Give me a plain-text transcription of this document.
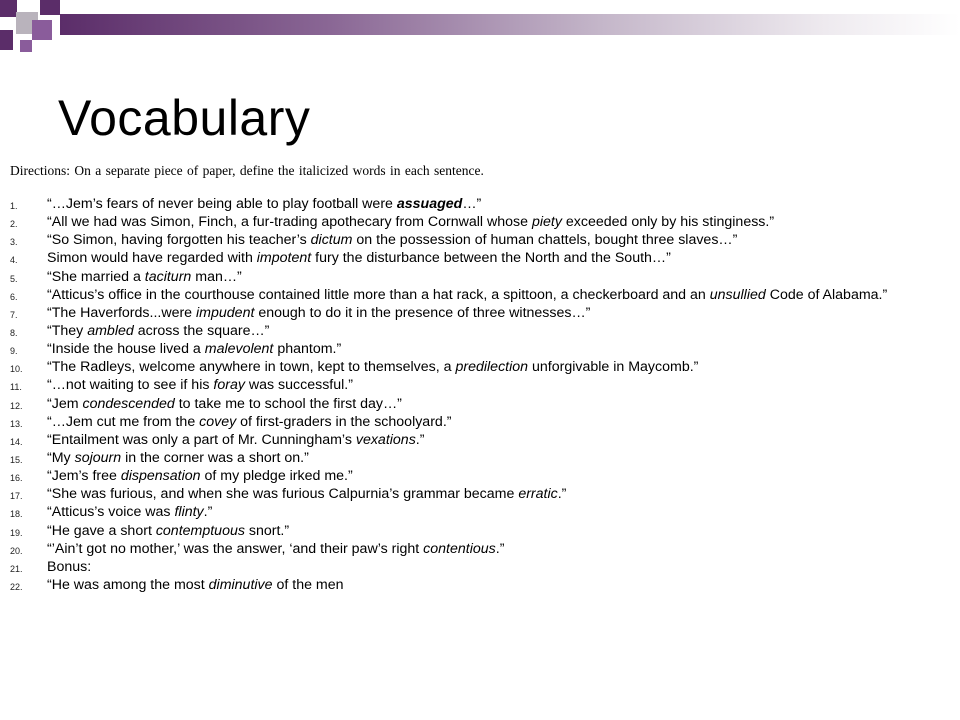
Vocabulary

Directions: On a separate piece of paper, define the italicized words in each sentence.

1. “…Jem’s fears of never being able to play football were assuaged…”
2. “All we had was Simon, Finch, a fur-trading apothecary from Cornwall whose piety exceeded only by his stinginess.”
3. “So Simon, having forgotten his teacher’s dictum on the possession of human chattels, bought three slaves…”
4. Simon would have regarded with impotent fury the disturbance between the North and the South…”
5. “She married a taciturn man…”
6. “Atticus’s office in the courthouse contained little more than a hat rack, a spittoon, a checkerboard and an unsullied Code of Alabama.”
7. “The Haverfords...were impudent enough to do it in the presence of three witnesses…”
8. “They ambled across the square…”
9. “Inside the house lived a malevolent phantom.”
10. “The Radleys, welcome anywhere in town, kept to themselves, a predilection unforgivable in Maycomb.”
11. “…not waiting to see if his foray was successful.”
12. “Jem condescended to take me to school the first day…”
13. “…Jem cut me from the covey of first-graders in the schoolyard.”
14. “Entailment was only a part of Mr. Cunningham’s vexations.”
15. “My sojourn in the corner was a short on.”
16. “Jem’s free dispensation of my pledge irked me.”
17. “She was furious, and when she was furious Calpurnia’s grammar became erratic.”
18. “Atticus’s voice was flinty.”
19. “He gave a short contemptuous snort.”
20. “’Ain’t got no mother,’ was the answer, ‘and their paw’s right contentious.”
21. Bonus:
22. “He was among the most diminutive of the men
